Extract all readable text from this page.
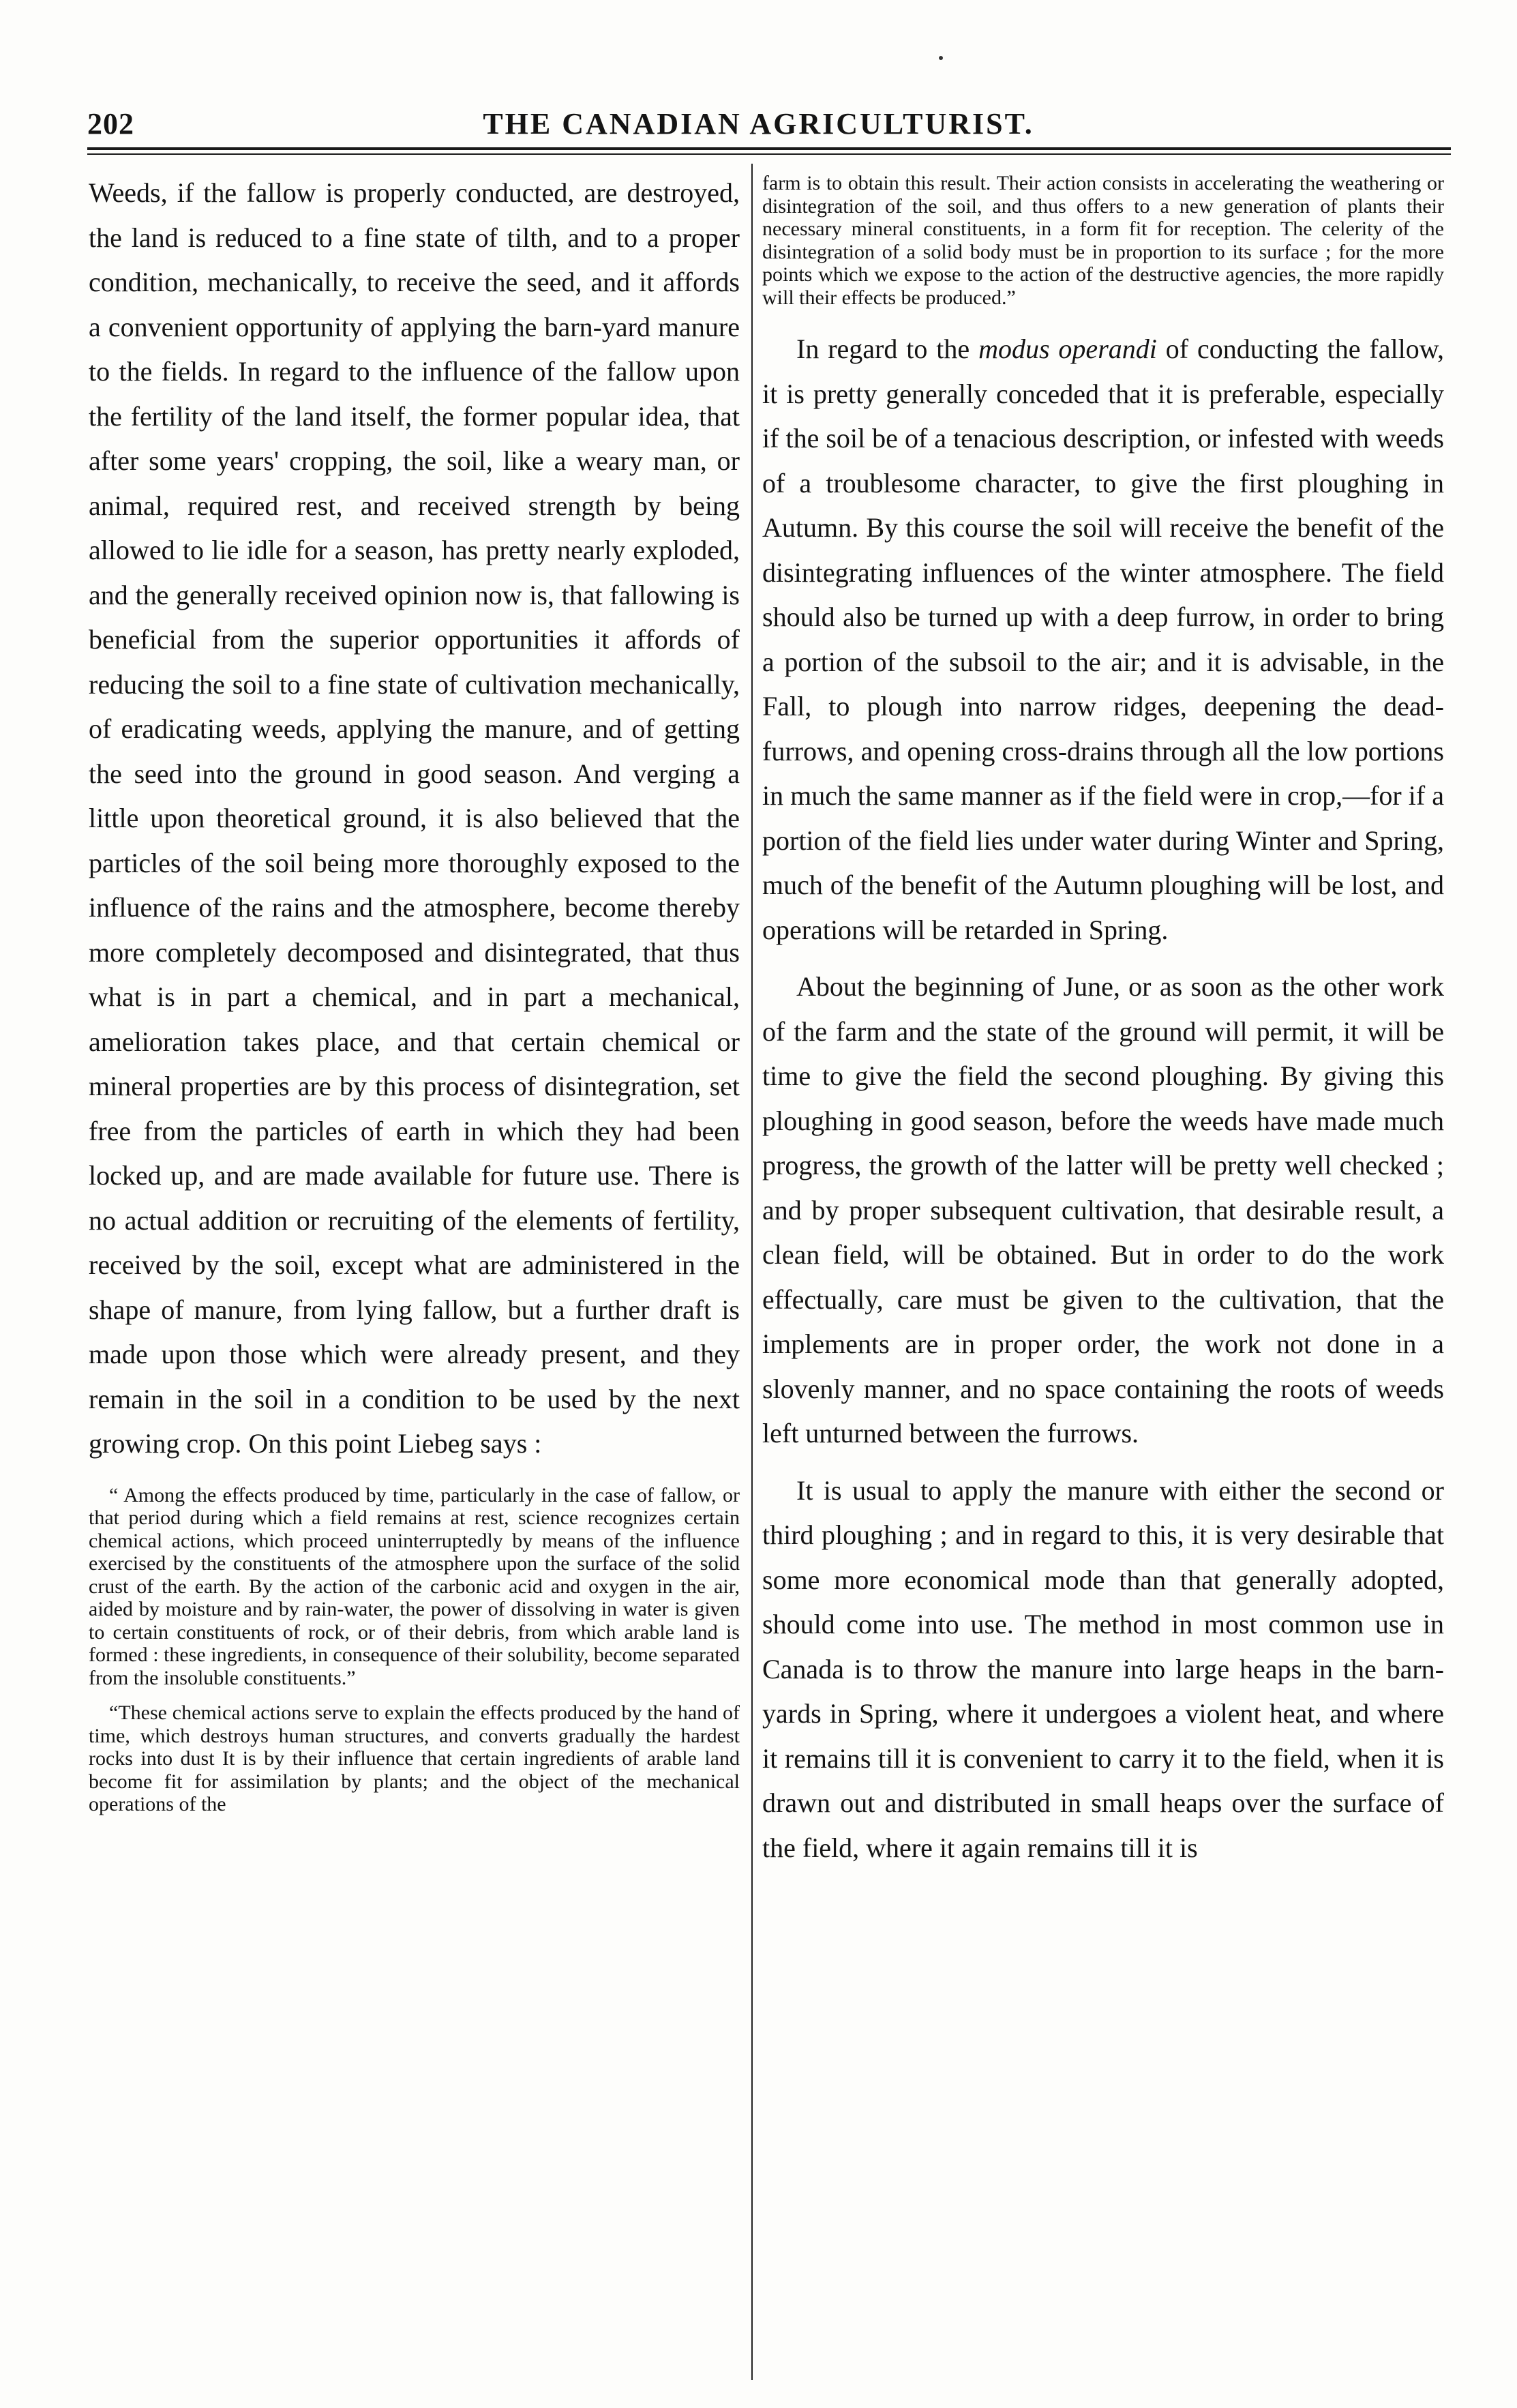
202	THE CANADIAN AGRICULTURIST.

Weeds, if the fallow is properly conducted, are destroyed, the land is reduced to a fine state of tilth, and to a proper condition, mechanically, to receive the seed, and it affords a convenient opportunity of applying the barn-yard manure to the fields. In regard to the influence of the fallow upon the fertility of the land itself, the former popular idea, that after some years' cropping, the soil, like a weary man, or animal, required rest, and received strength by being allowed to lie idle for a season, has pretty nearly exploded, and the generally received opinion now is, that fallowing is beneficial from the superior opportunities it affords of reducing the soil to a fine state of cultivation mechanically, of eradicating weeds, applying the manure, and of getting the seed into the ground in good season. And verging a little upon theoretical ground, it is also believed that the particles of the soil being more thoroughly exposed to the influence of the rains and the atmosphere, become thereby more completely decomposed and disintegrated, that thus what is in part a chemical, and in part a mechanical, amelioration takes place, and that certain chemical or mineral properties are by this process of disintegration, set free from the particles of earth in which they had been locked up, and are made available for future use. There is no actual addition or recruiting of the elements of fertility, received by the soil, except what are administered in the shape of manure, from lying fallow, but a further draft is made upon those which were already present, and they remain in the soil in a condition to be used by the next growing crop. On this point Liebeg says :

“ Among the effects produced by time, particularly in the case of fallow, or that period during which a field remains at rest, science recognizes certain chemical actions, which proceed uninterruptedly by means of the influence exercised by the constituents of the atmosphere upon the surface of the solid crust of the earth. By the action of the carbonic acid and oxygen in the air, aided by moisture and by rain-water, the power of dissolving in water is given to certain constituents of rock, or of their debris, from which arable land is formed : these ingredients, in consequence of their solubility, become separated from the insoluble constituents.”

“These chemical actions serve to explain the effects produced by the hand of time, which destroys human structures, and converts gradually the hardest rocks into dust It is by their influence that certain ingredients of arable land become fit for assimilation by plants; and the object of the mechanical operations of the

farm is to obtain this result. Their action consists in accelerating the weathering or disintegration of the soil, and thus offers to a new generation of plants their necessary mineral constituents, in a form fit for reception. The celerity of the disintegration of a solid body must be in proportion to its surface ; for the more points which we expose to the action of the destructive agencies, the more rapidly will their effects be produced.”

In regard to the modus operandi of conducting the fallow, it is pretty generally conceded that it is preferable, especially if the soil be of a tenacious description, or infested with weeds of a troublesome character, to give the first ploughing in Autumn. By this course the soil will receive the benefit of the disintegrating influences of the winter atmosphere. The field should also be turned up with a deep furrow, in order to bring a portion of the subsoil to the air; and it is advisable, in the Fall, to plough into narrow ridges, deepening the dead-furrows, and opening cross-drains through all the low portions in much the same manner as if the field were in crop,—for if a portion of the field lies under water during Winter and Spring, much of the benefit of the Autumn ploughing will be lost, and operations will be retarded in Spring.

About the beginning of June, or as soon as the other work of the farm and the state of the ground will permit, it will be time to give the field the second ploughing. By giving this ploughing in good season, before the weeds have made much progress, the growth of the latter will be pretty well checked ; and by proper subsequent cultivation, that desirable result, a clean field, will be obtained. But in order to do the work effectually, care must be given to the cultivation, that the implements are in proper order, the work not done in a slovenly manner, and no space containing the roots of weeds left unturned between the furrows.

It is usual to apply the manure with either the second or third ploughing ; and in regard to this, it is very desirable that some more economical mode than that generally adopted, should come into use. The method in most common use in Canada is to throw the manure into large heaps in the barn-yards in Spring, where it undergoes a violent heat, and where it remains till it is convenient to carry it to the field, when it is drawn out and distributed in small heaps over the surface of the field, where it again remains till it is
